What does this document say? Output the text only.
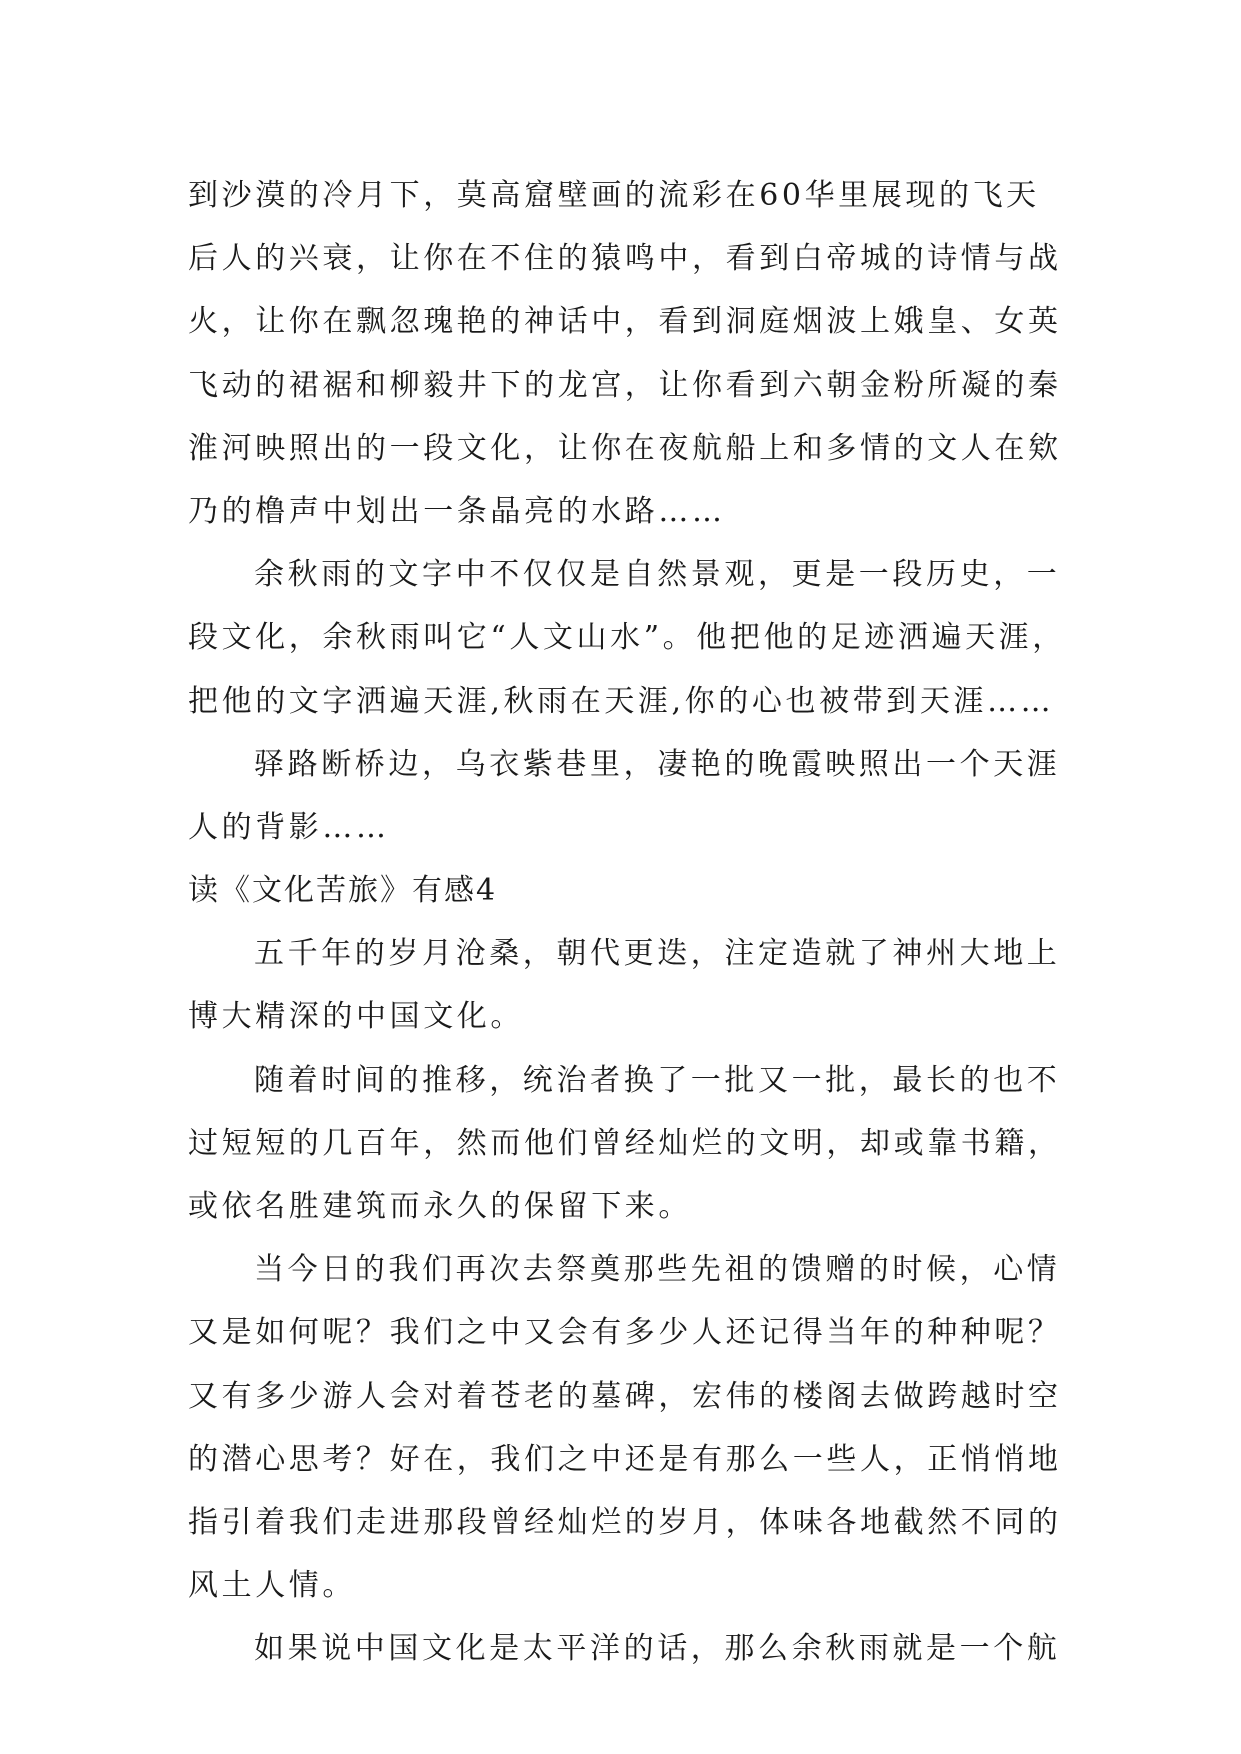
到沙漠的冷月下，莫高窟壁画的流彩在60华里展现的飞天
后人的兴衰，让你在不住的猿鸣中，看到白帝城的诗情与战
火，让你在飘忽瑰艳的神话中，看到洞庭烟波上娥皇、女英
飞动的裙裾和柳毅井下的龙宫，让你看到六朝金粉所凝的秦
淮河映照出的一段文化，让你在夜航船上和多情的文人在欸
乃的橹声中划出一条晶亮的水路……
余秋雨的文字中不仅仅是自然景观，更是一段历史，一
段文化，余秋雨叫它“人文山水”。他把他的足迹洒遍天涯，
把他的文字洒遍天涯,秋雨在天涯,你的心也被带到天涯……
驿路断桥边，乌衣紫巷里，凄艳的晚霞映照出一个天涯
人的背影……
读《文化苦旅》有感4
五千年的岁月沧桑，朝代更迭，注定造就了神州大地上
博大精深的中国文化。
随着时间的推移，统治者换了一批又一批，最长的也不
过短短的几百年，然而他们曾经灿烂的文明，却或靠书籍，
或依名胜建筑而永久的保留下来。
当今日的我们再次去祭奠那些先祖的馈赠的时候，心情
又是如何呢？我们之中又会有多少人还记得当年的种种呢？
又有多少游人会对着苍老的墓碑，宏伟的楼阁去做跨越时空
的潜心思考？好在，我们之中还是有那么一些人，正悄悄地
指引着我们走进那段曾经灿烂的岁月，体味各地截然不同的
风土人情。
如果说中国文化是太平洋的话，那么余秋雨就是一个航
